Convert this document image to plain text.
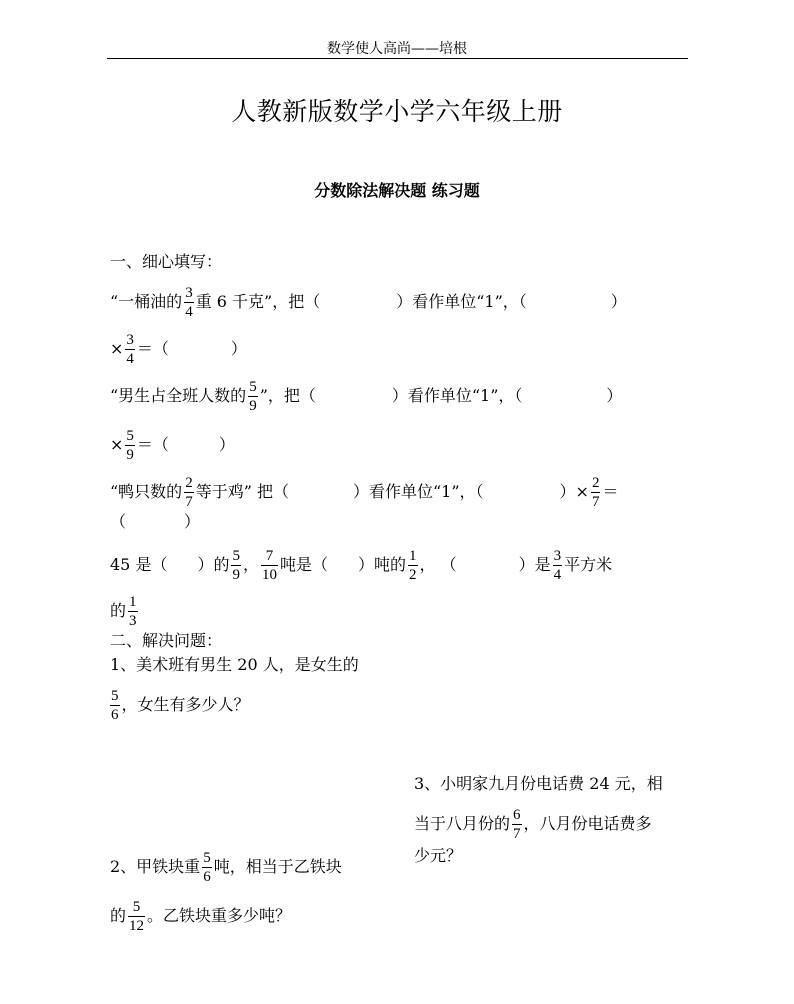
数学使人高尚——培根
人教新版数学小学六年级上册
分数除法解决题 练习题
一、细心填写：
“一桶油的 $\frac{3}{4}$ 重 6 千克”，把（	）看作单位“1”，（	）
× $\frac{3}{4}$ ＝（	）
“男生占全班人数的 $\frac{5}{9}$ ”，把（	）看作单位“1”，（	）
× $\frac{5}{9}$ ＝（	）
“鸭只数的 $\frac{2}{7}$ 等于鸡” 把（	）看作单位“1”，（	）× $\frac{2}{7}$ ＝
（	）
45 是（ ）的 $\frac{5}{9}$ ， $\frac{7}{10}$ 吨是（ ）吨的 $\frac{1}{2}$ ， （	）是 $\frac{3}{4}$ 平方米
的 $\frac{1}{3}$
二、解决问题：
1、美术班有男生 20 人，是女生的
$\frac{5}{6}$ ，女生有多少人？
3、小明家九月份电话费 24 元，相
当于八月份的 $\frac{6}{7}$ ，八月份电话费多
少元？
2、甲铁块重 $\frac{5}{6}$ 吨，相当于乙铁块
的 $\frac{5}{12}$ 。乙铁块重多少吨？
